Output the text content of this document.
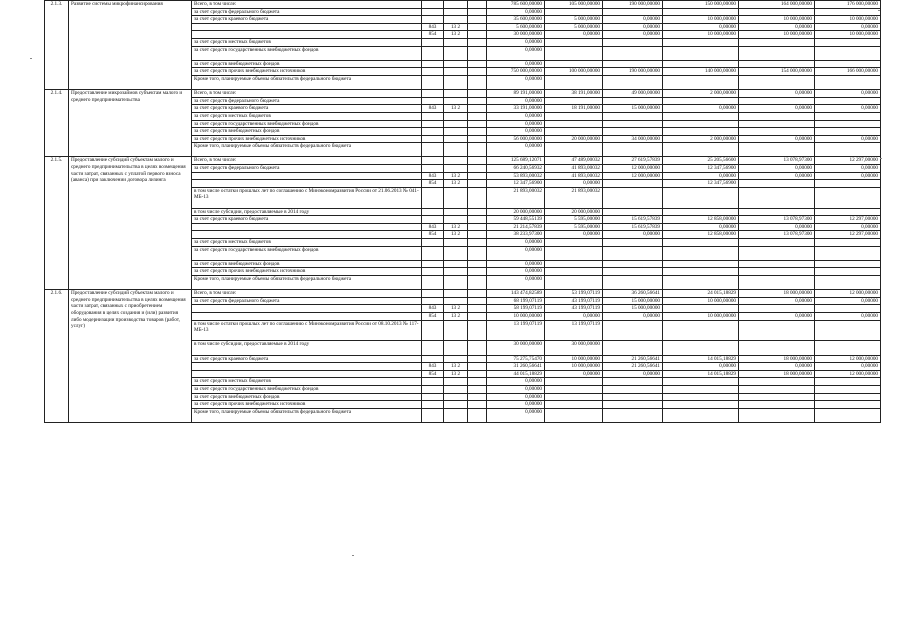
2.1.3.	Развитие системы микрофинансирования	Всего, в том числе:				785 600,00000	105 000,00000	190 000,00000	150 000,00000	164 000,00000	176 000,00000
		за счет средств федерального бюджета				0,00000					
		за счет средств краевого бюджета				35 600,00000	5 000,00000	0,00000	10 000,00000	10 000,00000	10 000,00000
			843	13 2		5 600,00000	5 000,00000	0,00000	0,00000	0,00000	0,00000
			854	13 2		30 000,00000	0,00000	0,00000	10 000,00000	10 000,00000	10 000,00000
		за счет средств местных бюджетов				0,00000					
		за счет средств государственных внебюджетных фондов				0,00000					
		за счет средств внебюджетных фондов				0,00000					
		за счет средств прочих внебюджетных источников				750 000,00000	100 000,00000	190 000,00000	140 000,00000	154 000,00000	166 000,00000
		Кроме того, планируемые объемы обязательств федерального бюджета				0,00000					
2.1.4.	Предоставление микрозаймов субъектам малого и среднего предпринимательства	Всего, в том числе:				89 191,00000	38 191,00000	49 000,00000	2 000,00000	0,00000	0,00000
		за счет средств федерального бюджета				0,00000					
		за счет средств краевого бюджета	843	13 2		33 191,00000	18 191,00000	15 000,00000	0,00000	0,00000	0,00000
		за счет средств местных бюджетов				0,00000					
		за счет средств государственных внебюджетных фондов				0,00000					
		за счет средств внебюджетных фондов				0,00000					
		за счет средств прочих внебюджетных источников				56 000,00000	20 000,00000	34 000,00000	2 000,00000	0,00000	0,00000
		Кроме того, планируемые объемы обязательств федерального бюджета				0,00000					
2.1.5.	Предоставление субсидий субъектам малого и среднего предпринимательства в целях возмещения части затрат, связанных с уплатой первого взноса (аванса) при заключении договора лизинга	Всего, в том числе:				125 689,12071	47 489,00032	27 619,57839	25 205,56600	13 078,97300	12 297,00000
		за счет средств федерального бюджета				66 240,56932	41 893,00032	12 000,00000	12 347,56900	0,00000	0,00000
			843	13 2		53 893,00032	41 893,00032	12 000,00000	0,00000	0,00000	0,00000
			854	13 2		12 347,56900	0,00000		12 347,56900		
		в том числе остатки прошлых лет по соглашению с Минэкономразвития России от 21.06.2013 № 041-МБ-13				21 893,00032	21 893,00032				
		в том числе субсидии, предоставляемые в 2014 году				20 000,00000	20 000,00000				
		за счет средств краевого бюджета				59 448,55139	5 595,00000	15 619,57839	12 858,00000	13 078,97300	12 297,00000
			843	13 2		21 214,57839	5 595,00000	15 619,57839	0,00000	0,00000	0,00000
			854	13 2		38 233,97300	0,00000	0,00000	12 858,00000	13 078,97300	12 297,00000
		за счет средств местных бюджетов				0,00000					
		за счет средств государственных внебюджетных фондов				0,00000					
		за счет средств внебюджетных фондов				0,00000					
		за счет средств прочих внебюджетных источников				0,00000					
		Кроме того, планируемые объемы обязательств федерального бюджета				0,00000					
2.1.6.	Предоставление субсидий субъектам малого и среднего предпринимательства в целях возмещения части затрат, связанных с приобретением оборудования в целях создания и (или) развития либо модернизации производства товаров (работ, услуг)	Всего, в том числе:				143 474,82589	53 199,07119	36 260,56641	24 015,18829	18 000,00000	12 000,00000
		за счет средств федерального бюджета				68 199,07119	43 199,07119	15 000,00000	10 000,00000	0,00000	0,00000
			843	13 2		58 199,07119	43 199,07119	15 000,00000			
			854	13 2		10 000,00000	0,00000	0,00000	10 000,00000	0,00000	0,00000
		в том числе остатки прошлых лет по соглашению с Минэкономразвития России от 08.10.2013 № 117-МБ-13				13 199,07119	13 199,07119				
		в том числе субсидии, предоставляемые в 2014 году				30 000,00000	30 000,00000				
		за счет средств краевого бюджета				75 275,75470	10 000,00000	21 260,56641	14 015,18829	18 000,00000	12 000,00000
			843	13 2		31 260,56641	10 000,00000	21 260,56641	0,00000	0,00000	0,00000
			854	13 2		44 015,18829	0,00000	0,00000	14 015,18829	18 000,00000	12 000,00000
		за счет средств местных бюджетов				0,00000					
		за счет средств государственных внебюджетных фондов				0,00000					
		за счет средств внебюджетных фондов				0,00000					
		за счет средств прочих внебюджетных источников				0,00000					
		Кроме того, планируемые объемы обязательств федерального бюджета				0,00000					
